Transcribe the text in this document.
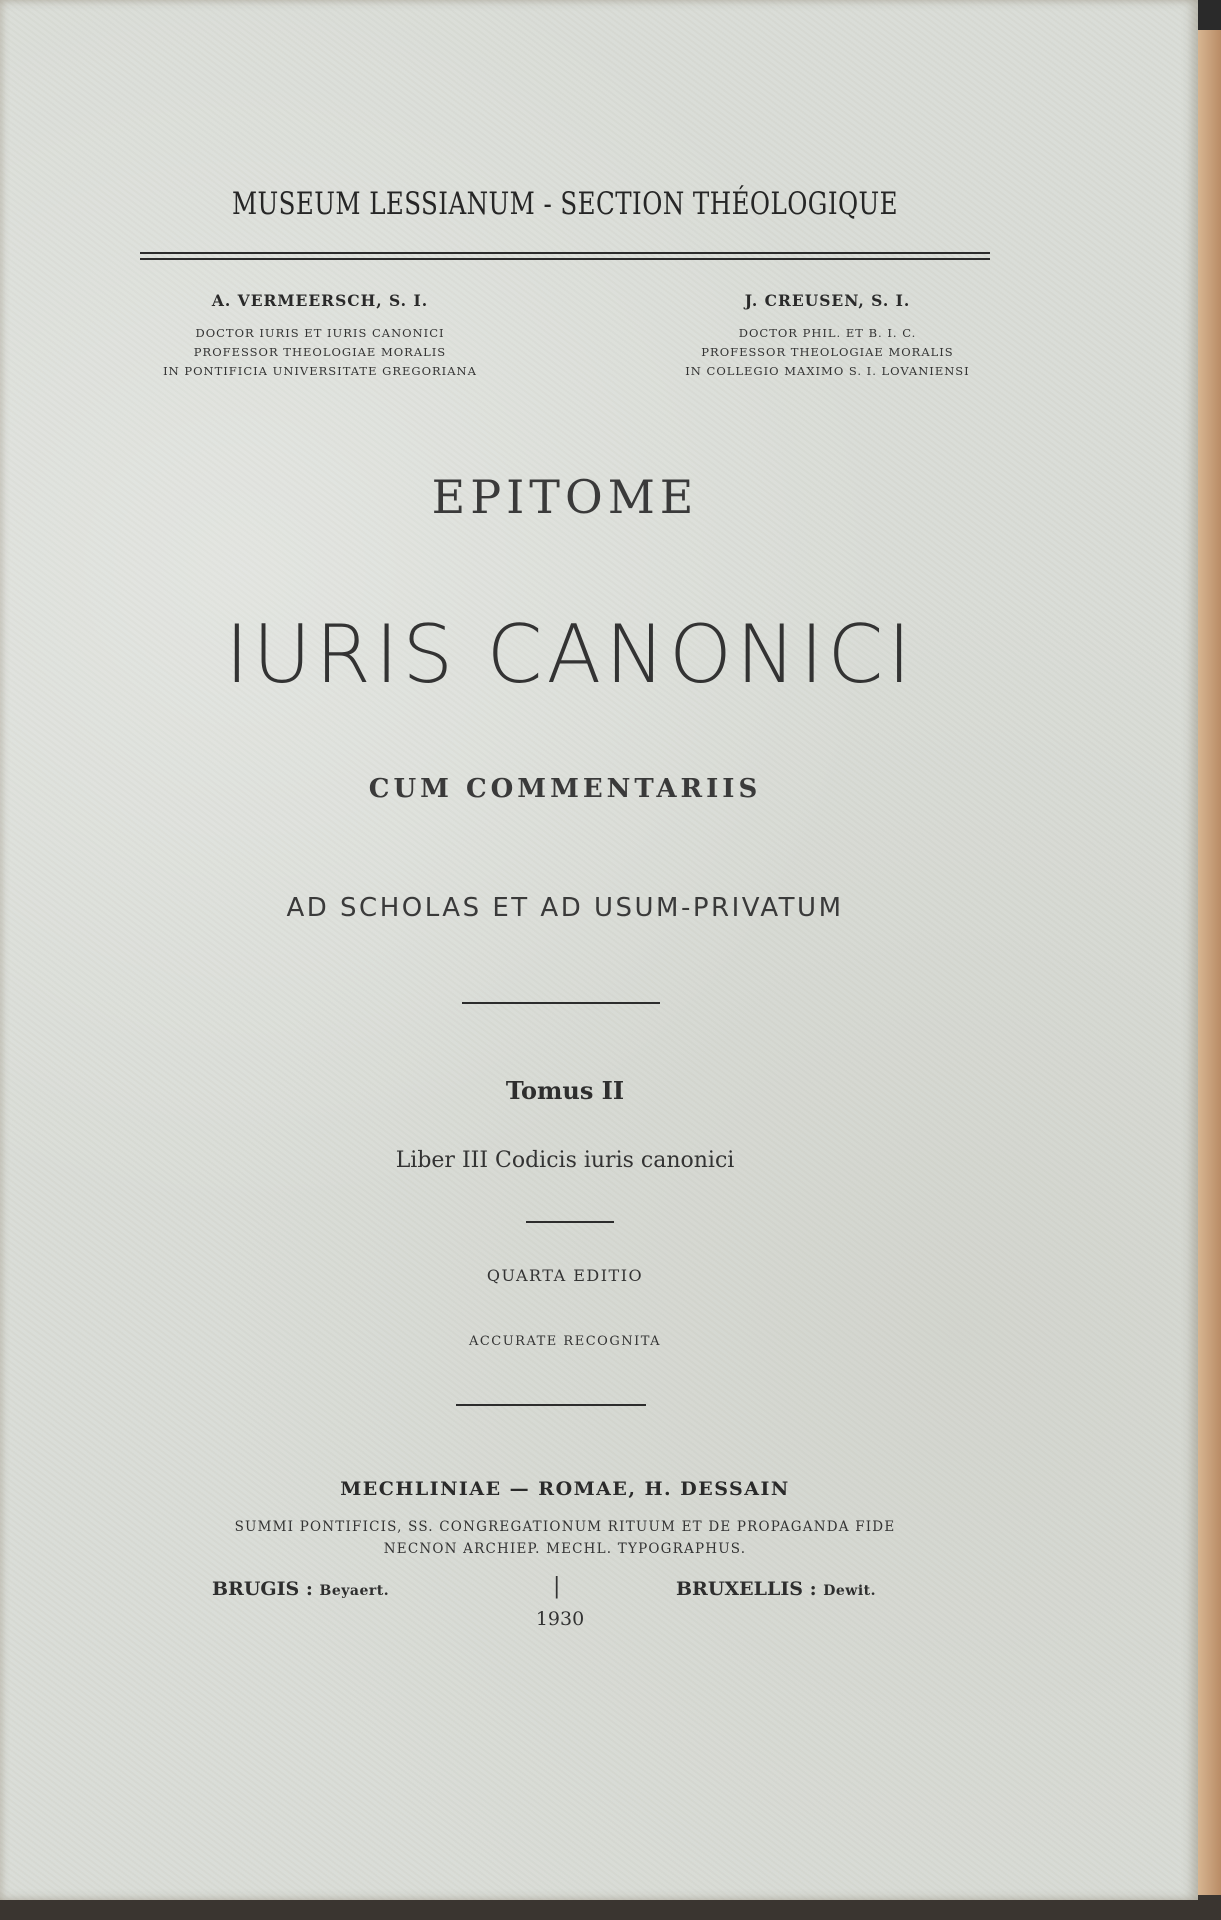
MUSEUM LESSIANUM - SECTION THÉOLOGIQUE
A. VERMEERSCH, S. I.
DOCTOR IURIS ET IURIS CANONICI
PROFESSOR THEOLOGIAE MORALIS
IN PONTIFICIA UNIVERSITATE GREGORIANA
J. CREUSEN, S. I.
DOCTOR PHIL. ET B. I. C.
PROFESSOR THEOLOGIAE MORALIS
IN COLLEGIO MAXIMO S. I. LOVANIENSI
EPITOME
IURIS CANONICI
CUM COMMENTARIIS
AD SCHOLAS ET AD USUM-PRIVATUM
Tomus II
Liber III Codicis iuris canonici
QUARTA EDITIO
ACCURATE RECOGNITA
MECHLINIAE — ROMAE, H. DESSAIN
SUMMI PONTIFICIS, SS. CONGREGATIONUM RITUUM ET DE PROPAGANDA FIDE
NECNON ARCHIEP. MECHL. TYPOGRAPHUS.
BRUGIS : Beyaert.	|	BRUXELLIS : Dewit.
1930
